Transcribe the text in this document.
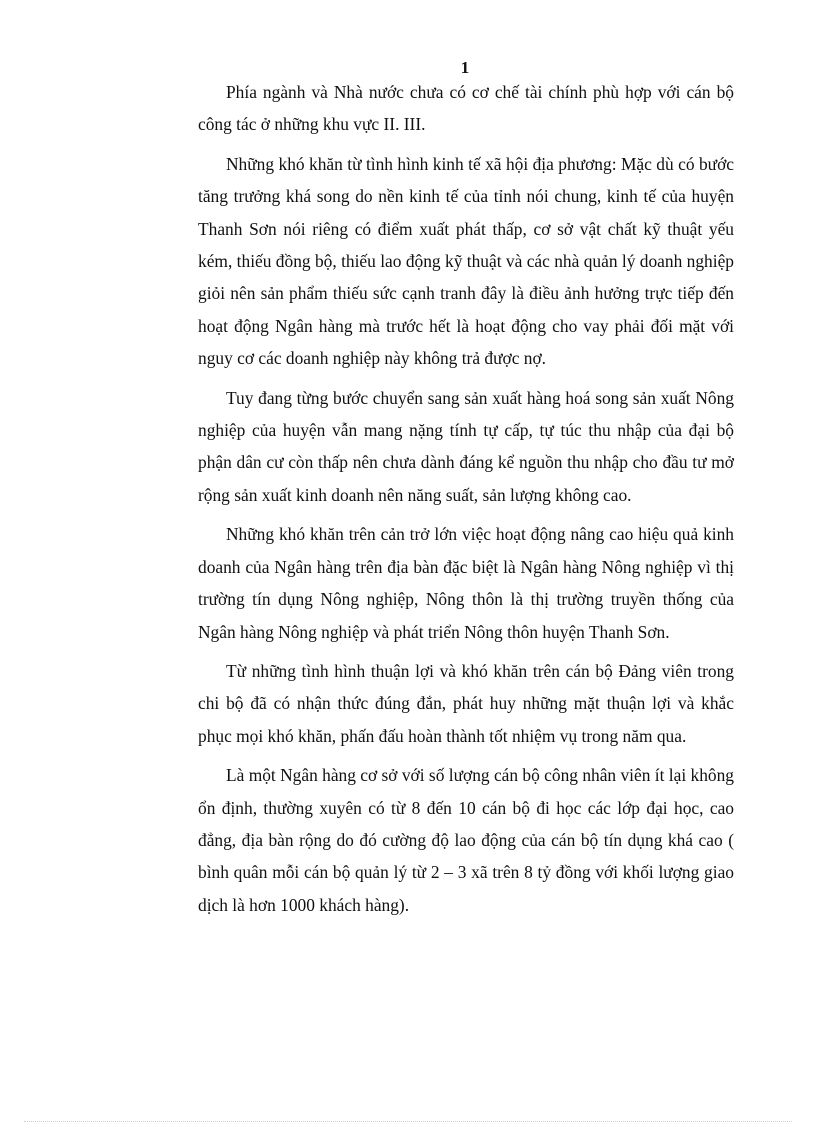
1

Phía ngành và Nhà nước chưa có cơ chế tài chính phù hợp với cán bộ công tác ở những khu vực II. III.

Những khó khăn từ tình hình kinh tế xã hội địa phương: Mặc dù có bước tăng trưởng khá song do nền kinh tế của tỉnh nói chung, kinh tế của huyện Thanh Sơn nói riêng có điểm xuất phát thấp, cơ sở vật chất kỹ thuật yếu kém, thiếu đồng bộ, thiếu lao động kỹ thuật và các nhà quản lý doanh nghiệp giỏi nên sản phẩm thiếu sức cạnh tranh đây là điều ảnh hưởng trực tiếp đến hoạt động Ngân hàng mà trước hết là hoạt động cho vay phải đối mặt với nguy cơ các doanh nghiệp này không trả được nợ.

Tuy đang từng bước chuyển sang sản xuất hàng hoá song sản xuất Nông nghiệp của huyện vẫn mang nặng tính tự cấp, tự túc thu nhập của đại bộ phận dân cư còn thấp nên chưa dành đáng kể nguồn thu nhập cho đầu tư mở rộng sản xuất kinh doanh nên năng suất, sản lượng không cao.

Những khó khăn trên cản trở lớn việc hoạt động nâng cao hiệu quả kinh doanh của Ngân hàng trên địa bàn đặc biệt là Ngân hàng Nông nghiệp vì thị trường tín dụng Nông nghiệp, Nông thôn là thị trường truyền thống của Ngân hàng Nông nghiệp và phát triển Nông thôn huyện Thanh Sơn.

Từ những tình hình thuận lợi và khó khăn trên cán bộ Đảng viên trong chi bộ đã có nhận thức đúng đắn, phát huy những mặt thuận lợi và khắc phục mọi khó khăn, phấn đấu hoàn thành tốt nhiệm vụ trong năm qua.

Là một Ngân hàng cơ sở với số lượng cán bộ công nhân viên ít lại không ổn định, thường xuyên có từ 8 đến 10 cán bộ đi học các lớp đại học, cao đẳng, địa bàn rộng do đó cường độ lao động của cán bộ tín dụng khá cao ( bình quân mỗi cán bộ quản lý từ 2 – 3 xã trên 8 tỷ đồng với khối lượng giao dịch là hơn 1000 khách hàng).
